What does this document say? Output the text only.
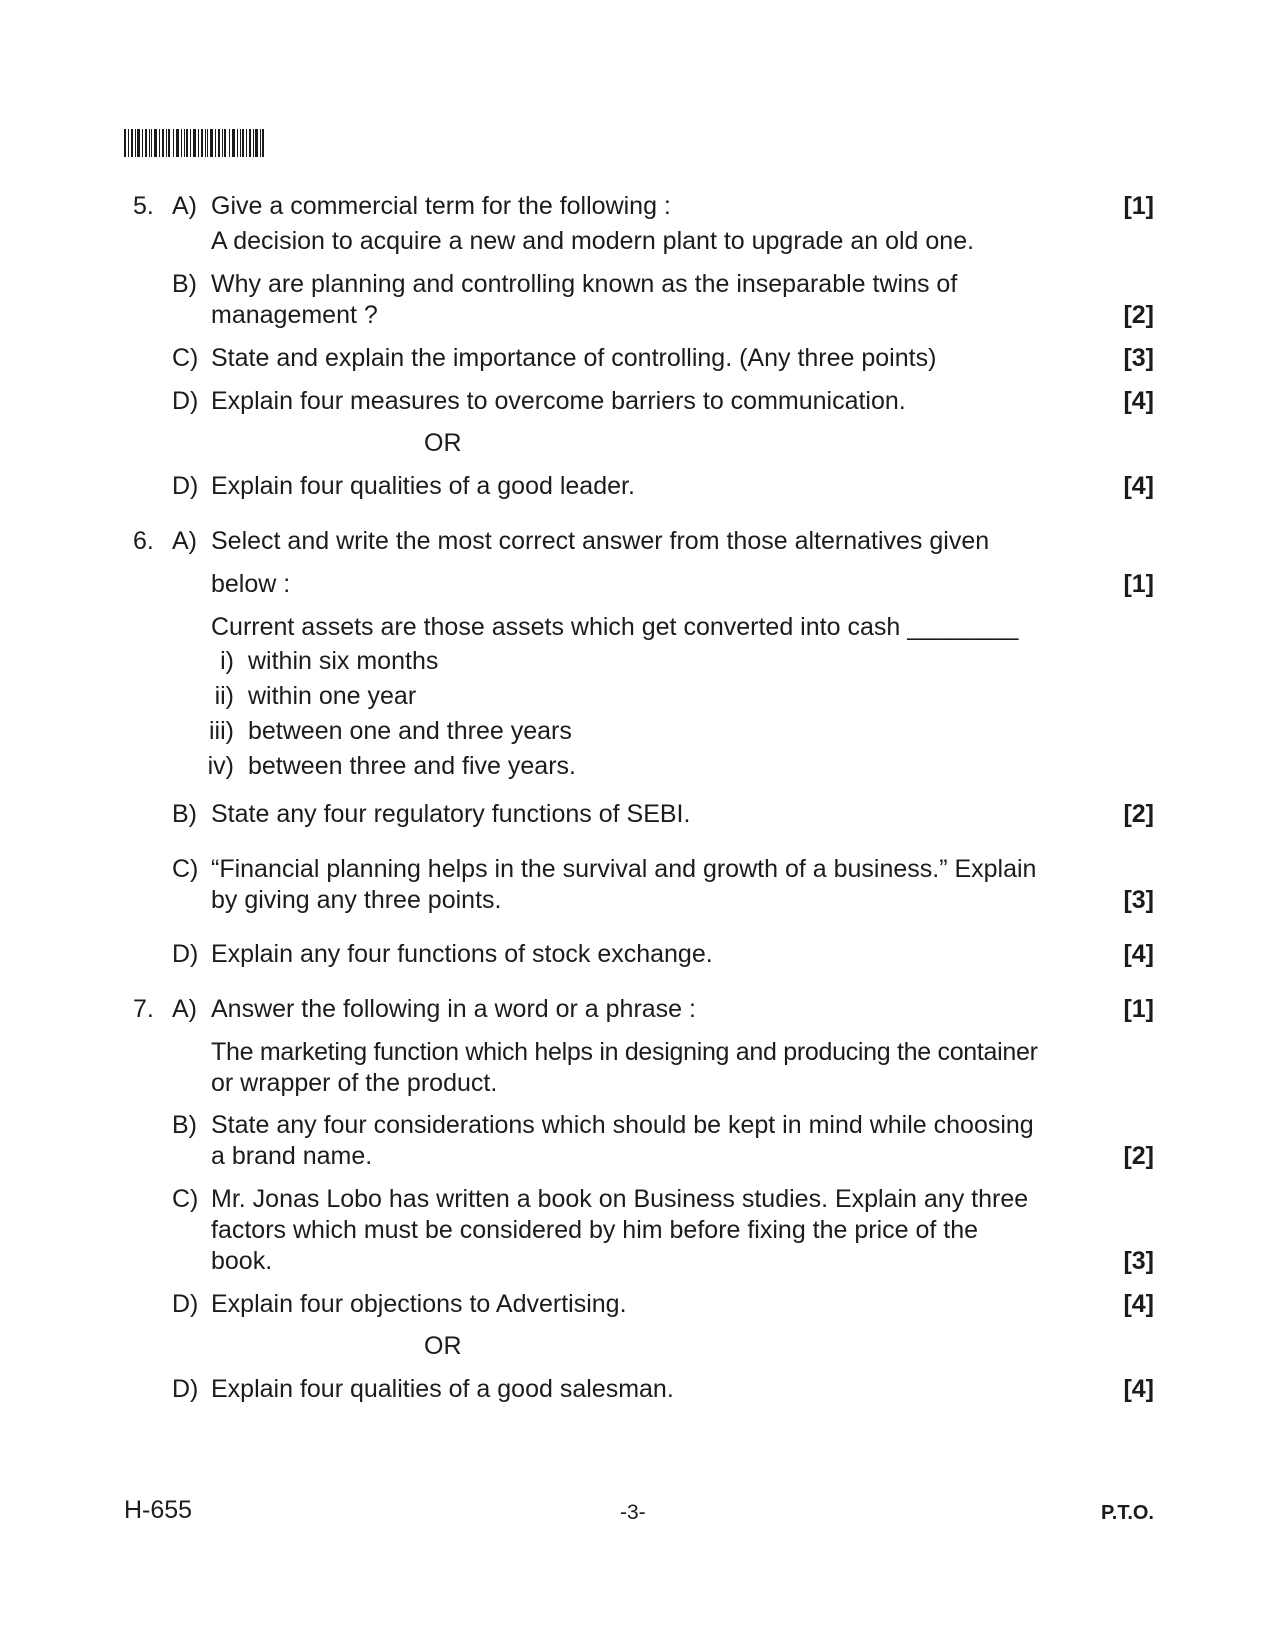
5. A) Give a commercial term for the following :
A decision to acquire a new and modern plant to upgrade an old one.
[1]
B) Why are planning and controlling known as the inseparable twins of
management ?	[2]
C) State and explain the importance of controlling. (Any three points)	[3]
D) Explain four measures to overcome barriers to communication.	[4]
OR
D) Explain four qualities of a good leader.	[4]
6. A) Select and write the most correct answer from those alternatives given
below :	[1]
Current assets are those assets which get converted into cash ________
i) within six months
ii) within one year
iii) between one and three years
iv) between three and five years.
B) State any four regulatory functions of SEBI.	[2]
C) “Financial planning helps in the survival and growth of a business.” Explain
by giving any three points.	[3]
D) Explain any four functions of stock exchange.	[4]
7. A) Answer the following in a word or a phrase :	[1]
The marketing function which helps in designing and producing the container
or wrapper of the product.
B) State any four considerations which should be kept in mind while choosing
a brand name.	[2]
C) Mr. Jonas Lobo has written a book on Business studies. Explain any three
factors which must be considered by him before fixing the price of the
book.	[3]
D) Explain four objections to Advertising.	[4]
OR
D) Explain four qualities of a good salesman.	[4]
H-655	-3-	P.T.O.
